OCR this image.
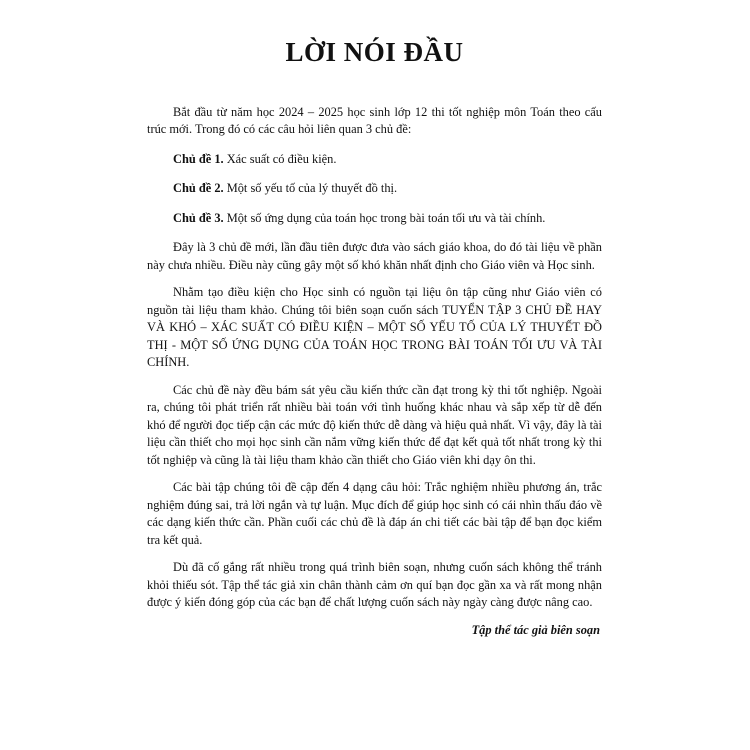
LỜI NÓI ĐẦU

Bắt đầu từ năm học 2024 – 2025 học sinh lớp 12 thi tốt nghiệp môn Toán theo cấu trúc mới. Trong đó có các câu hỏi liên quan 3 chủ đề:

Chủ đề 1. Xác suất có điều kiện.

Chủ đề 2. Một số yếu tố của lý thuyết đồ thị.

Chủ đề 3. Một số ứng dụng của toán học trong bài toán tối ưu và tài chính.

Đây là 3 chủ đề mới, lần đầu tiên được đưa vào sách giáo khoa, do đó tài liệu về phần này chưa nhiều. Điều này cũng gây một số khó khăn nhất định cho Giáo viên và Học sinh.

Nhằm tạo điều kiện cho Học sinh có nguồn tại liệu ôn tập cũng như Giáo viên có nguồn tài liệu tham khảo. Chúng tôi biên soạn cuốn sách TUYỂN TẬP 3 CHỦ ĐỀ HAY VÀ KHÓ – XÁC SUẤT CÓ ĐIỀU KIỆN – MỘT SỐ YẾU TỐ CỦA LÝ THUYẾT ĐỒ THỊ - MỘT SỐ ỨNG DỤNG CỦA TOÁN HỌC TRONG BÀI TOÁN TỐI ƯU VÀ TÀI CHÍNH.

Các chủ đề này đều bám sát yêu cầu kiến thức cần đạt trong kỳ thi tốt nghiệp. Ngoài ra, chúng tôi phát triển rất nhiều bài toán với tình huống khác nhau và sắp xếp từ dễ đến khó để người đọc tiếp cận các mức độ kiến thức dễ dàng và hiệu quả nhất. Vì vậy, đây là tài liệu cần thiết cho mọi học sinh cần nắm vững kiến thức để đạt kết quả tốt nhất trong kỳ thi tốt nghiệp và cũng là tài liệu tham khảo cần thiết cho Giáo viên khi dạy ôn thi.

Các bài tập chúng tôi đề cập đến 4 dạng câu hỏi: Trắc nghiệm nhiều phương án, trắc nghiệm đúng sai, trả lời ngắn và tự luận. Mục đích để giúp học sinh có cái nhìn thấu đáo về các dạng kiến thức cần. Phần cuối các chủ đề là đáp án chi tiết các bài tập để bạn đọc kiểm tra kết quả.

Dù đã cố gắng rất nhiều trong quá trình biên soạn, nhưng cuốn sách không thể tránh khỏi thiếu sót. Tập thể tác giả xin chân thành cảm ơn quí bạn đọc gần xa và rất mong nhận được ý kiến đóng góp của các bạn để chất lượng cuốn sách này ngày càng được nâng cao.

Tập thể tác giả biên soạn
